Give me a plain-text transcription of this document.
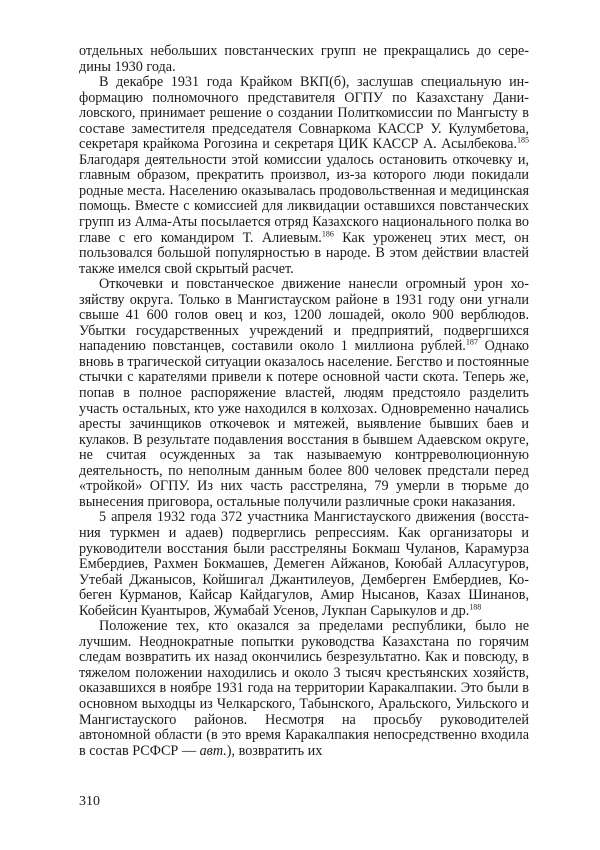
отдельных небольших повстанческих групп не прекращались до середины 1930 года.

В декабре 1931 года Крайком ВКП(б), заслушав специальную информацию полномочного представителя ОГПУ по Казахстану Даниловского, принимает решение о создании Политкомиссии по Мангысту в составе заместителя председателя Совнаркома КАССР У. Кулумбетова, секретаря крайкома Рогозина и секретаря ЦИК КАССР А. Асылбекова.$^{185}$ Благодаря деятельности этой комиссии удалось остановить откочевку и, главным образом, прекратить произвол, из-за которого люди покидали родные места. Населению оказывалась продовольственная и медицинская помощь. Вместе с комиссией для ликвидации оставшихся повстанческих групп из Алма-Аты посылается отряд Казахского национального полка во главе с его командиром Т. Алиевым.$^{186}$ Как уроженец этих мест, он пользовался большой популярностью в народе. В этом действии властей также имелся свой скрытый расчет.

Откочевки и повстанческое движение нанесли огромный урон хозяйству округа. Только в Мангистауском районе в 1931 году они угнали свыше 41 600 голов овец и коз, 1200 лошадей, около 900 верблюдов. Убытки государственных учреждений и предприятий, подвергшихся нападению повстанцев, составили около 1 миллиона рублей.$^{187}$ Однако вновь в трагической ситуации оказалось население. Бегство и постоянные стычки с карателями привели к потере основной части скота. Теперь же, попав в полное распоряжение властей, людям предстояло разделить участь остальных, кто уже находился в колхозах. Одновременно начались аресты зачинщиков откочевок и мятежей, выявление бывших баев и кулаков. В результате подавления восстания в бывшем Адаевском округе, не считая осужденных за так называемую контрреволюционную деятельность, по неполным данным более 800 человек предстали перед «тройкой» ОГПУ. Из них часть расстреляна, 79 умерли в тюрьме до вынесения приговора, остальные получили различные сроки наказания.

5 апреля 1932 года 372 участника Мангистауского движения (восстания туркмен и адаев) подверглись репрессиям. Как организаторы и руководители восстания были расстреляны Бокмаш Чуланов, Карамурза Ембердиев, Рахмен Бокмашев, Демеген Айжанов, Коюбай Алласугуров, Утебай Джанысов, Койшигал Джантилеуов, Демберген Ембердиев, Кобеген Курманов, Кайсар Кайдагулов, Амир Нысанов, Казах Шинанов, Кобейсин Куантыров, Жумабай Усенов, Лукпан Сарыкулов и др.$^{188}$

Положение тех, кто оказался за пределами республики, было не лучшим. Неоднократные попытки руководства Казахстана по горячим следам возвратить их назад окончились безрезультатно. Как и повсюду, в тяжелом положении находились и около 3 тысяч крестьянских хозяйств, оказавшихся в ноябре 1931 года на территории Каракалпакии. Это были в основном выходцы из Челкарского, Табынского, Аральского, Уильского и Мангистауского районов. Несмотря на просьбу руководителей автономной области (в это время Каракалпакия непосредственно входила в состав РСФСР — авт.), возвратить их

310
